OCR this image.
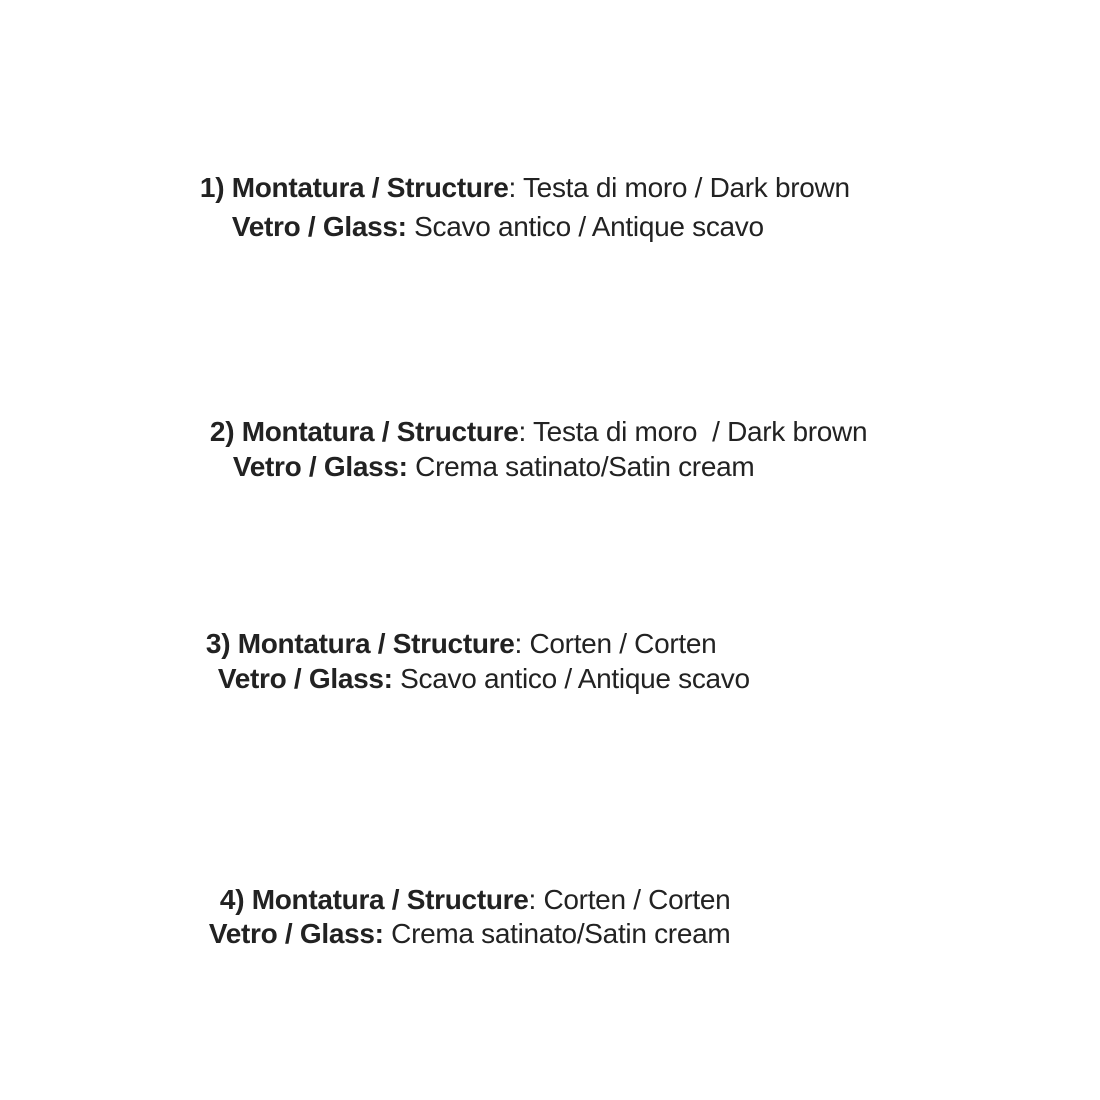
1) Montatura / Structure: Testa di moro / Dark brown

Vetro / Glass: Scavo antico / Antique scavo

2) Montatura / Structure: Testa di moro  / Dark brown

Vetro / Glass: Crema satinato/Satin cream

3) Montatura / Structure: Corten / Corten

Vetro / Glass: Scavo antico / Antique scavo

4) Montatura / Structure: Corten / Corten

Vetro / Glass: Crema satinato/Satin cream
